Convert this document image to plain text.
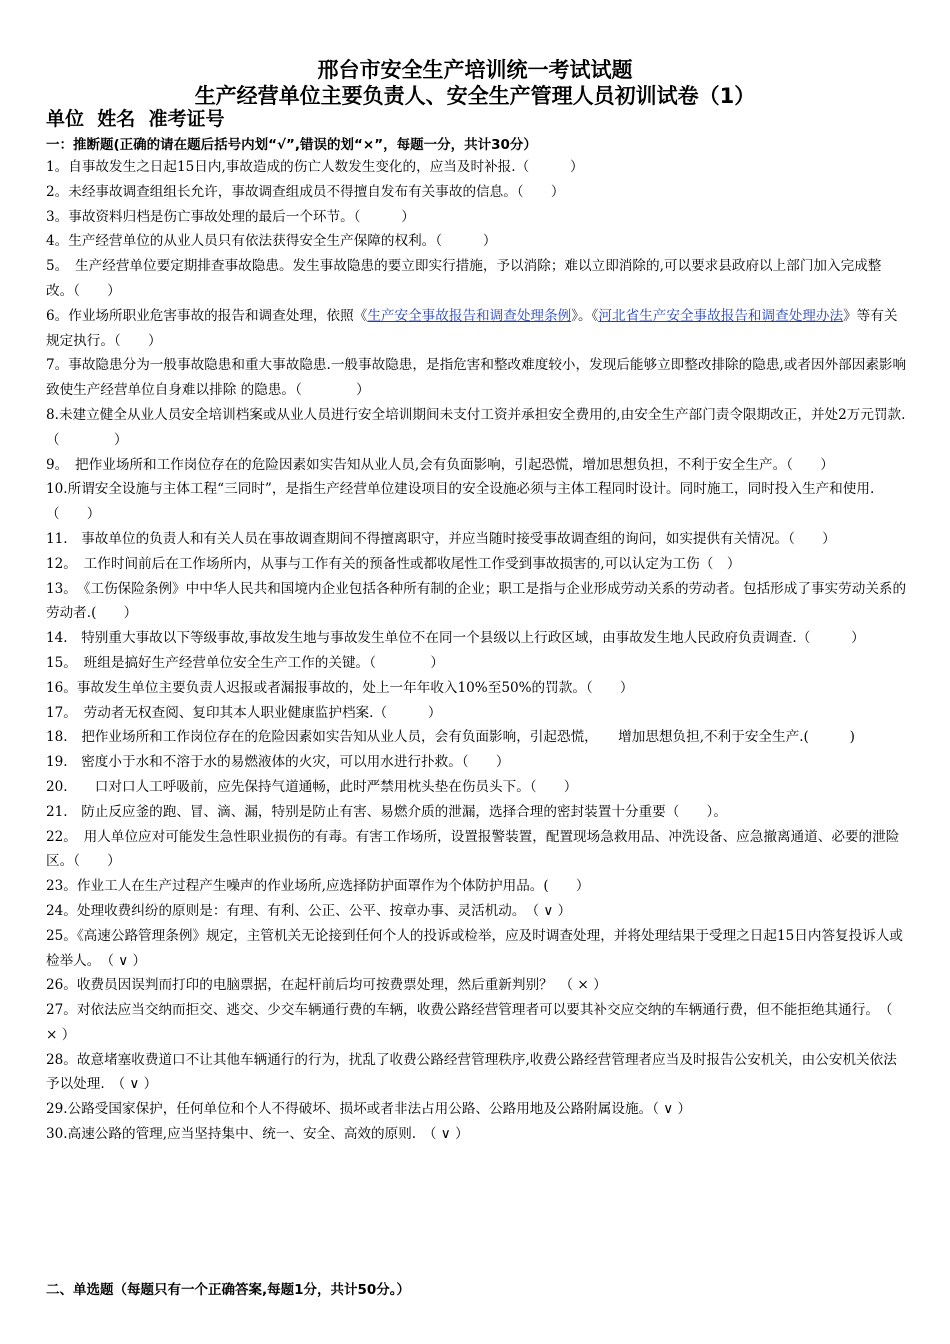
邢台市安全生产培训统一考试试题
生产经营单位主要负责人、安全生产管理人员初训试卷（1）
单位  姓名  准考证号
一：推断题(正确的请在题后括号内划“√”,错误的划“×”，每题一分，共计30分）

1。自事故发生之日起15日内,事故造成的伤亡人数发生变化的，应当及时补报.（　　　）

2。未经事故调查组组长允许，事故调查组成员不得擅自发布有关事故的信息。（　　）

3。事故资料归档是伤亡事故处理的最后一个环节。（　　　）

4。生产经营单位的从业人员只有依法获得安全生产保障的权利。（　　　）

5。　生产经营单位要定期排查事故隐患。发生事故隐患的要立即实行措施，予以消除；难以立即消除的,可以要求县政府以上部门加入完成整改。（　　）

6。作业场所职业危害事故的报告和调查处理，依照《生产安全事故报告和调查处理条例》。《河北省生产安全事故报告和调查处理办法》等有关规定执行。（　　）

7。事故隐患分为一般事故隐患和重大事故隐患.一般事故隐患，是指危害和整改难度较小，发现后能够立即整改排除的隐患,或者因外部因素影响致使生产经营单位自身难以排除 的隐患。（　　　　）

8.未建立健全从业人员安全培训档案或从业人员进行安全培训期间未支付工资并承担安全费用的,由安全生产部门责令限期改正，并处2万元罚款.（　　　　）

9。　把作业场所和工作岗位存在的危险因素如实告知从业人员,会有负面影响，引起恐慌，增加思想负担，不利于安全生产。（　　）

10.所谓安全设施与主体工程“三同时”，是指生产经营单位建设项目的安全设施必须与主体工程同时设计。同时施工，同时投入生产和使用.（　　）

11.　事故单位的负责人和有关人员在事故调查期间不得擅离职守，并应当随时接受事故调查组的询问，如实提供有关情况。（　　）

12。　工作时间前后在工作场所内，从事与工作有关的预备性或都收尾性工作受到事故损害的,可以认定为工伤（　）

13。　《工伤保险条例》中中华人民共和国境内企业包括各种所有制的企业；职工是指与企业形成劳动关系的劳动者。包括形成了事实劳动关系的劳动者.(　　）

14.　特别重大事故以下等级事故,事故发生地与事故发生单位不在同一个县级以上行政区域，由事故发生地人民政府负责调查.（　　　）

15。　班组是搞好生产经营单位安全生产工作的关键。（　　　　）

16。事故发生单位主要负责人迟报或者漏报事故的，处上一年年收入10%至50%的罚款。（　　）

17。　劳动者无权查阅、复印其本人职业健康监护档案.（　　　）

18.　把作业场所和工作岗位存在的危险因素如实告知从业人员，会有负面影响，引起恐慌，　　增加思想负担,不利于安全生产.(　　　)

19.　密度小于水和不溶于水的易燃液体的火灾，可以用水进行扑救。（　　）

20.　　口对口人工呼吸前，应先保持气道通畅，此时严禁用枕头垫在伤员头下。（　　）

21.　防止反应釜的跑、冒、滴、漏，特别是防止有害、易燃介质的泄漏，选择合理的密封装置十分重要（　　）。

22。　用人单位应对可能发生急性职业损伤的有毒。有害工作场所，设置报警装置，配置现场急救用品、冲洗设备、应急撤离通道、必要的泄险区。（　　）

23。作业工人在生产过程产生噪声的作业场所,应选择防护面罩作为个体防护用品。(　　）

24。处理收费纠纷的原则是：有理、有利、公正、公平、按章办事、灵活机动。　（ ∨ ）

25。《高速公路管理条例》规定，主管机关无论接到任何个人的投诉或检举，应及时调查处理，并将处理结果于受理之日起15日内答复投诉人或检举人。　（ ∨ ）

26。收费员因误判而打印的电脑票据，在起杆前后均可按费票处理，然后重新判别？　（ × ）

27。对依法应当交纳而拒交、逃交、少交车辆通行费的车辆，收费公路经营管理者可以要其补交应交纳的车辆通行费，但不能拒绝其通行。　（ × ）

28。故意堵塞收费道口不让其他车辆通行的行为，扰乱了收费公路经营管理秩序,收费公路经营管理者应当及时报告公安机关，由公安机关依法予以处理.　（ ∨ ）

29.公路受国家保护，任何单位和个人不得破坏、损坏或者非法占用公路、公路用地及公路附属设施。（ ∨ ）

30.高速公路的管理,应当坚持集中、统一、安全、高效的原则.　（ ∨ ）

二、单选题（每题只有一个正确答案,每题1分，共计50分。）
